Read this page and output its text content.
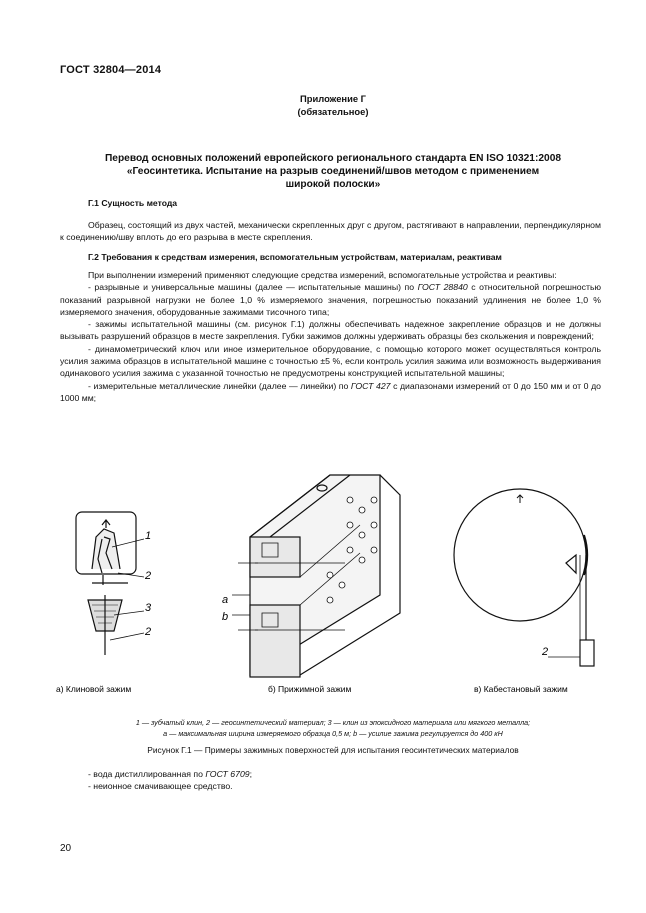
ГОСТ 32804—2014
Приложение Г
(обязательное)
Перевод основных положений европейского регионального стандарта EN ISO 10321:2008
«Геосинтетика. Испытание на разрыв соединений/швов методом с применением
широкой полоски»
Г.1 Сущность метода
Образец, состоящий из двух частей, механически скрепленных друг с другом, растягивают в направлении, перпендикулярном к соединению/шву вплоть до его разрыва в месте скрепления.
Г.2 Требования к средствам измерения, вспомогательным устройствам, материалам, реактивам

При выполнении измерений применяют следующие средства измерений, вспомогательные устройства и реактивы:

- разрывные и универсальные машины (далее — испытательные машины) по ГОСТ 28840 с относительной погрешностью показаний разрывной нагрузки не более 1,0 % измеряемого значения, погрешностью показаний удлинения не более 1,0 % измеряемого значения, оборудованные зажимами тисочного типа;

- зажимы испытательной машины (см. рисунок Г.1) должны обеспечивать надежное закрепление образцов и не должны вызывать разрушений образцов в месте закрепления. Губки зажимов должны удерживать образцы без скольжения и повреждений;

- динамометрический ключ или иное измерительное оборудование, с помощью которого может осуществляться контроль усилия зажима образцов в испытательной машине с точностью ±5 %, если контроль усилия зажима или возможность выдерживания одинакового усилия зажима с указанной точностью не предусмотрены конструкцией испытательной машины;

- измерительные металлические линейки (далее — линейки) по ГОСТ 427 с диапазонами измерений от 0 до 150 мм и от 0 до 1000 мм;

1
2
3
2
a
b
2
а) Клиновой зажим	б) Прижимной зажим	в) Кабестановый зажим
1 — зубчатый клин, 2 — геосинтетический материал; 3 — клин из эпоксидного материала или мягкого металла;
a — максимальная ширина измеряемого образца 0,5 м; b — усилие зажима регулируется до 400 кН
Рисунок Г.1 — Примеры зажимных поверхностей для испытания геосинтетических материалов

- вода дистиллированная по ГОСТ 6709;

- неионное смачивающее средство.

20
